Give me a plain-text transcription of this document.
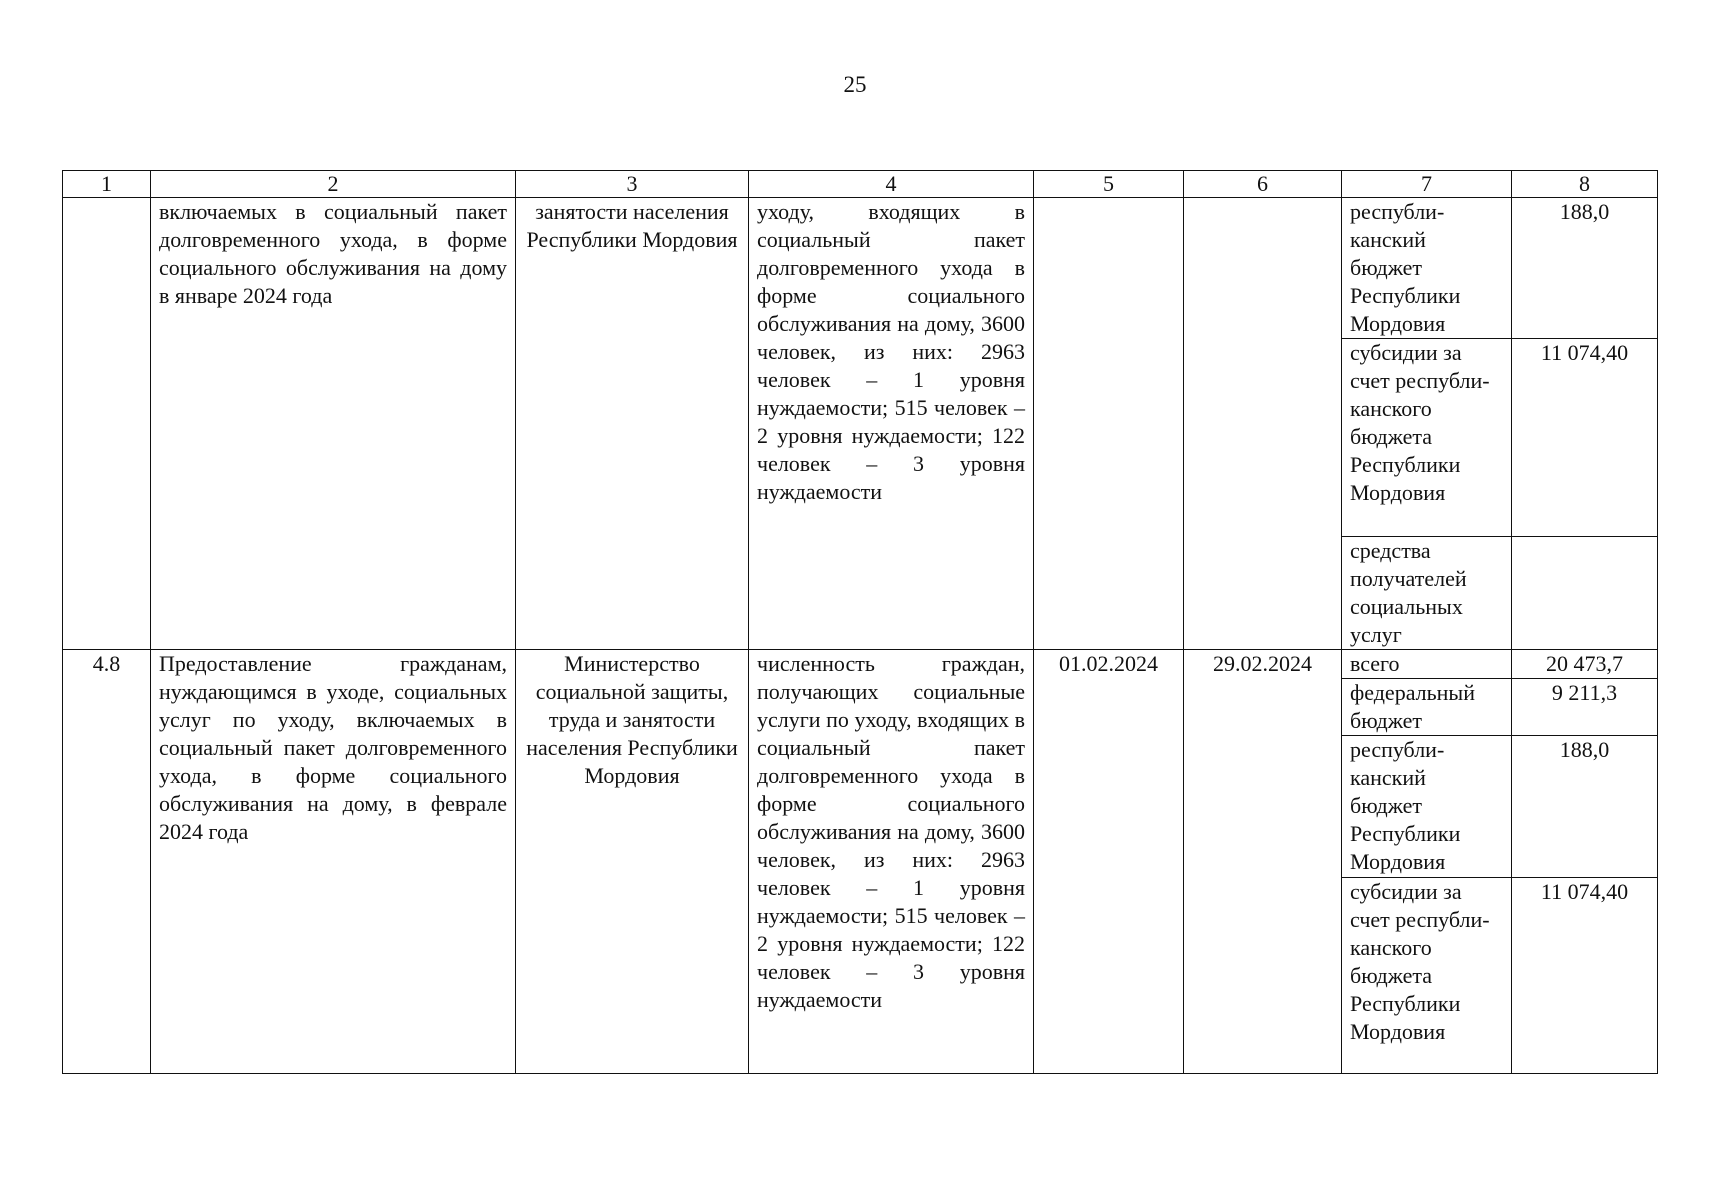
25
1	2	3	4	5	6	7	8
	включаемых в социальный пакет долговременного ухода, в форме социального обслуживания на дому в январе 2024 года	занятости населения Республики Мордовия	уходу, входящих в социальный пакет долговременного ухода в форме социального обслуживания на дому, 3600 человек, из них: 2963 человек – 1 уровня нуждаемости; 515 человек – 2 уровня нуждаемости; 122 человек – 3 уровня нуждаемости			республи- канский бюджет Республики Мордовия	188,0
						субсидии за счет республи- канского бюджета Республики Мордовия	11 074,40
						средства получателей социальных услуг	
4.8	Предоставление гражданам, нуждающимся в уходе, социальных услуг по уходу, включаемых в социальный пакет долговременного ухода, в форме социального обслуживания на дому, в феврале 2024 года	Министерство социальной защиты, труда и занятости населения Республики Мордовия	численность граждан, получающих социальные услуги по уходу, входящих в социальный пакет долговременного ухода в форме социального обслуживания на дому, 3600 человек, из них: 2963 человек – 1 уровня нуждаемости; 515 человек – 2 уровня нуждаемости; 122 человек – 3 уровня нуждаемости	01.02.2024	29.02.2024	всего	20 473,7
						федеральный бюджет	9 211,3
						республи- канский бюджет Республики Мордовия	188,0
						субсидии за счет республи- канского бюджета Республики Мордовия	11 074,40
